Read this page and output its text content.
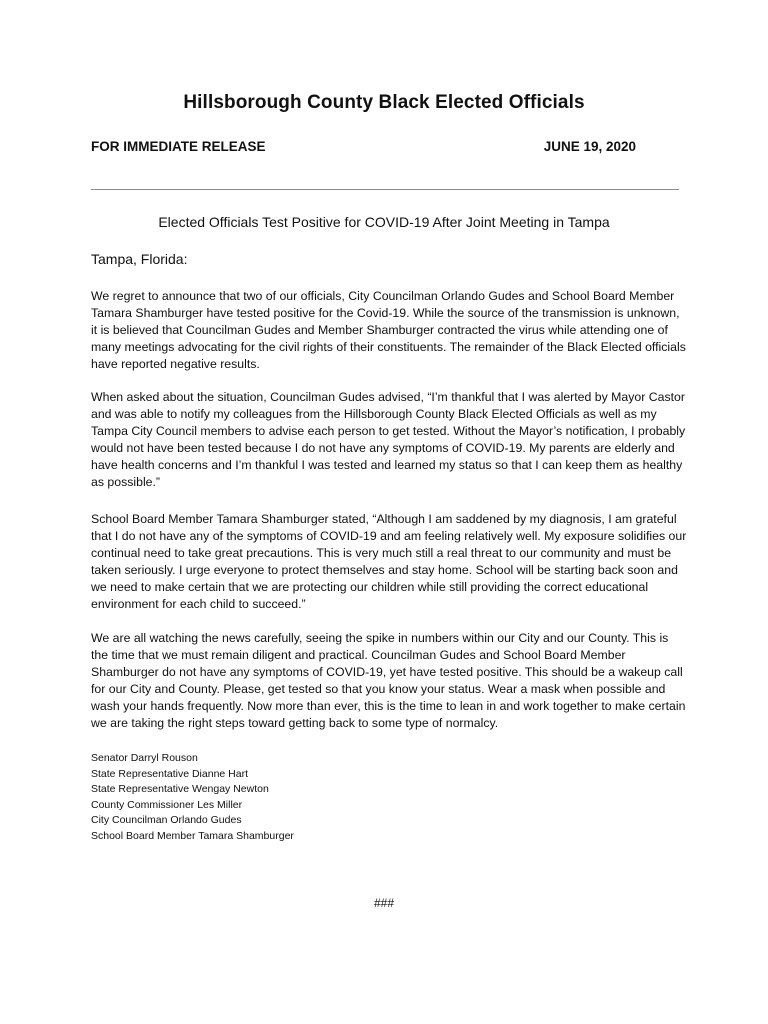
Hillsborough County Black Elected Officials
FOR IMMEDIATE RELEASE	JUNE 19, 2020
Elected Officials Test Positive for COVID-19 After Joint Meeting in Tampa
Tampa, Florida:

We regret to announce that two of our officials, City Councilman Orlando Gudes and School Board Member Tamara Shamburger have tested positive for the Covid-19. While the source of the transmission is unknown, it is believed that Councilman Gudes and Member Shamburger contracted the virus while attending one of many meetings advocating for the civil rights of their constituents. The remainder of the Black Elected officials have reported negative results.

When asked about the situation, Councilman Gudes advised, “I’m thankful that I was alerted by Mayor Castor and was able to notify my colleagues from the Hillsborough County Black Elected Officials as well as my Tampa City Council members to advise each person to get tested. Without the Mayor’s notification, I probably would not have been tested because I do not have any symptoms of COVID-19. My parents are elderly and have health concerns and I’m thankful I was tested and learned my status so that I can keep them as healthy as possible.”

School Board Member Tamara Shamburger stated, “Although I am saddened by my diagnosis, I am grateful that I do not have any of the symptoms of COVID-19 and am feeling relatively well. My exposure solidifies our continual need to take great precautions. This is very much still a real threat to our community and must be taken seriously. I urge everyone to protect themselves and stay home. School will be starting back soon and we need to make certain that we are protecting our children while still providing the correct educational environment for each child to succeed.”

We are all watching the news carefully, seeing the spike in numbers within our City and our County. This is the time that we must remain diligent and practical. Councilman Gudes and School Board Member Shamburger do not have any symptoms of COVID-19, yet have tested positive. This should be a wakeup call for our City and County. Please, get tested so that you know your status. Wear a mask when possible and wash your hands frequently. Now more than ever, this is the time to lean in and work together to make certain we are taking the right steps toward getting back to some type of normalcy.

Senator Darryl Rouson
State Representative Dianne Hart
State Representative Wengay Newton
County Commissioner Les Miller
City Councilman Orlando Gudes
School Board Member Tamara Shamburger
###
